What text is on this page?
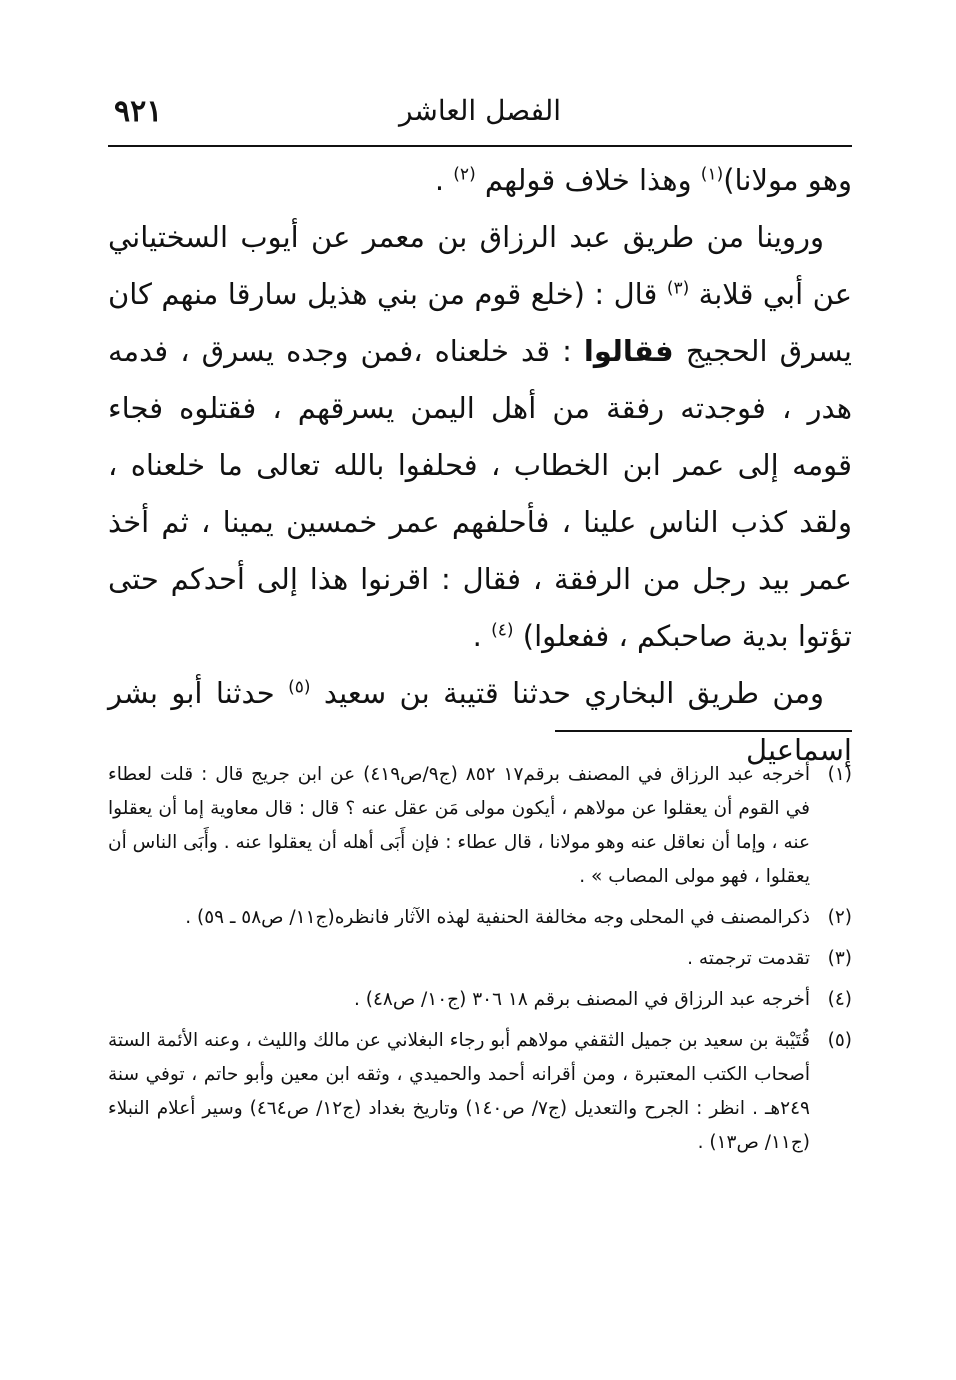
٩٢١	الفصل العاشر

وهو مولانا)$^{(١)}$ وهذا خلاف قولهم $^{(٢)}$ .

وروينا من طريق عبد الرزاق بن معمر عن أيوب السختياني عن أبي قلابة $^{(٣)}$ قال : (خلع قوم من بني هذيل سارقا منهم كان يسرق الحجيج فقالوا : قد خلعناه ،فمن وجده يسرق ، فدمه هدر ، فوجدته رفقة من أهل اليمن يسرقهم ، فقتلوه فجاء قومه إلى عمر ابن الخطاب ، فحلفوا بالله تعالى ما خلعناه ، ولقد كذب الناس علينا ، فأحلفهم عمر خمسين يمينا ، ثم أخذ عمر بيد رجل من الرفقة ، فقال : اقرنوا هذا إلى أحدكم حتى تؤتوا بدية صاحبكم ، ففعلوا) $^{(٤)}$ .

ومن طريق البخاري حدثنا قتيبة بن سعيد $^{(٥)}$ حدثنا أبو بشر إسماعيل

(١)
أخرجه عبد الرزاق في المصنف برقم١٧ ٨٥٢ (ج٩/ص٤١٩) عن ابن جريج قال : قلت لعطاء في القوم أن يعقلوا عن مولاهم ، أيكون مولى مَن عقل عنه ؟ قال : قال معاوية إما أن يعقلوا عنه ، وإما أن نعاقل عنه وهو مولانا ، قال عطاء : فإن أَبَى أهله أن يعقلوا عنه . وأَبَى الناس أن يعقلوا ، فهو مولى المصاب » .
(٢)
ذكرالمصنف في المحلى وجه مخالفة الحنفية لهذه الآثار فانظره(ج١١/ ص٥٨ ـ ٥٩) .
(٣)
تقدمت ترجمته .
(٤)
أخرجه عبد الرزاق في المصنف برقم ١٨ ٣٠٦ (ج١٠/ ص٤٨) .
(٥)
قُتَيْبة بن سعيد بن جميل الثقفي مولاهم أبو رجاء البغلاني عن مالك والليث ، وعنه الأئمة الستة أصحاب الكتب المعتبرة ، ومن أقرانه أحمد والحميدي ، وثقه ابن معين وأبو حاتم ، توفي سنة ٢٤٩هـ . انظر : الجرح والتعديل (ج٧/ ص١٤٠) وتاريخ بغداد (ج١٢/ ص٤٦٤) وسير أعلام النبلاء (ج١١/ ص١٣) .
